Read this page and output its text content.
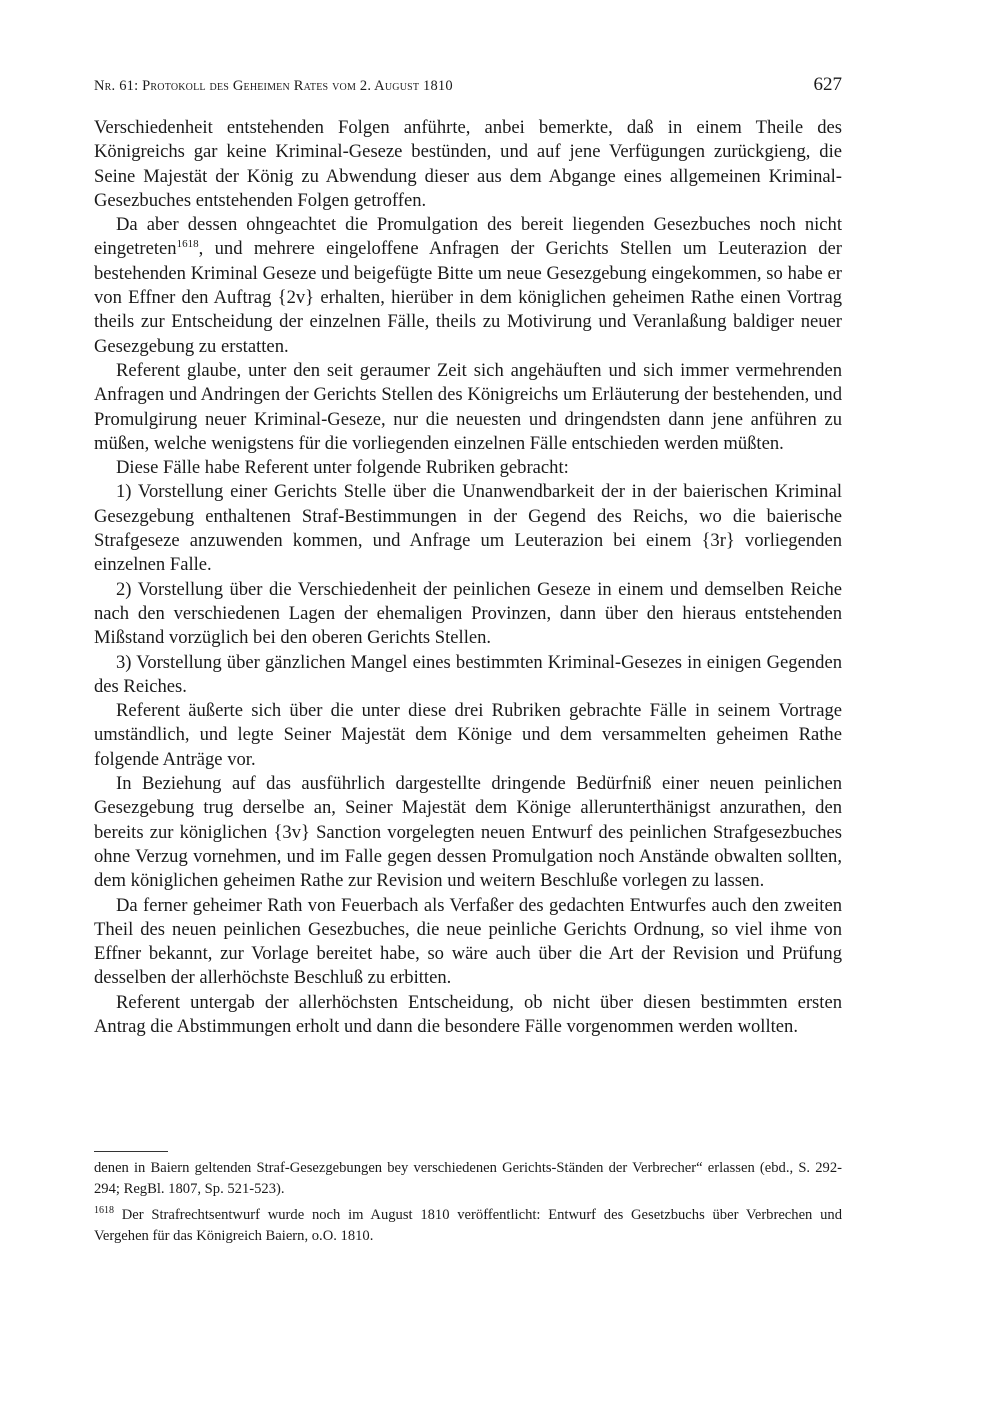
Nr. 61: Protokoll des Geheimen Rates vom 2. August 1810	627

Verschiedenheit entstehenden Folgen anführte, anbei bemerkte, daß in einem Theile des Königreichs gar keine Kriminal-Geseze bestünden, und auf jene Verfügungen zurückgieng, die Seine Majestät der König zu Abwendung dieser aus dem Abgange eines allgemeinen Kriminal-Gesezbuches entstehenden Folgen getroffen.

Da aber dessen ohngeachtet die Promulgation des bereit liegenden Gesezbuches noch nicht eingetreten$^{1618}$, und mehrere eingeloffene Anfragen der Gerichts Stellen um Leuterazion der bestehenden Kriminal Geseze und beigefügte Bitte um neue Gesezgebung eingekommen, so habe er von Effner den Auftrag {2v} erhalten, hierüber in dem königlichen geheimen Rathe einen Vortrag theils zur Entscheidung der einzelnen Fälle, theils zu Motivirung und Veranlaßung baldiger neuer Gesezgebung zu erstatten.

Referent glaube, unter den seit geraumer Zeit sich angehäuften und sich immer vermehrenden Anfragen und Andringen der Gerichts Stellen des Königreichs um Erläuterung der bestehenden, und Promulgirung neuer Kriminal-Geseze, nur die neuesten und dringendsten dann jene anführen zu müßen, welche wenigstens für die vorliegenden einzelnen Fälle entschieden werden müßten.

Diese Fälle habe Referent unter folgende Rubriken gebracht:

1) Vorstellung einer Gerichts Stelle über die Unanwendbarkeit der in der baierischen Kriminal Gesezgebung enthaltenen Straf-Bestimmungen in der Gegend des Reichs, wo die baierische Strafgeseze anzuwenden kommen, und Anfrage um Leuterazion bei einem {3r} vorliegenden einzelnen Falle.

2) Vorstellung über die Verschiedenheit der peinlichen Geseze in einem und demselben Reiche nach den verschiedenen Lagen der ehemaligen Provinzen, dann über den hieraus entstehenden Mißstand vorzüglich bei den oberen Gerichts Stellen.

3) Vorstellung über gänzlichen Mangel eines bestimmten Kriminal-Gesezes in einigen Gegenden des Reiches.

Referent äußerte sich über die unter diese drei Rubriken gebrachte Fälle in seinem Vortrage umständlich, und legte Seiner Majestät dem Könige und dem versammelten geheimen Rathe folgende Anträge vor.

In Beziehung auf das ausführlich dargestellte dringende Bedürfniß einer neuen peinlichen Gesezgebung trug derselbe an, Seiner Majestät dem Könige allerunterthänigst anzurathen, den bereits zur königlichen {3v} Sanction vorgelegten neuen Entwurf des peinlichen Strafgesezbuches ohne Verzug vornehmen, und im Falle gegen dessen Promulgation noch Anstände obwalten sollten, dem königlichen geheimen Rathe zur Revision und weitern Beschluße vorlegen zu lassen.

Da ferner geheimer Rath von Feuerbach als Verfaßer des gedachten Entwurfes auch den zweiten Theil des neuen peinlichen Gesezbuches, die neue peinliche Gerichts Ordnung, so viel ihme von Effner bekannt, zur Vorlage bereitet habe, so wäre auch über die Art der Revision und Prüfung desselben der allerhöchste Beschluß zu erbitten.

Referent untergab der allerhöchsten Entscheidung, ob nicht über diesen bestimmten ersten Antrag die Abstimmungen erholt und dann die besondere Fälle vorgenommen werden wollten.

denen in Baiern geltenden Straf-Gesezgebungen bey verschiedenen Gerichts-Ständen der Verbrecher“ erlassen (ebd., S. 292-294; RegBl. 1807, Sp. 521-523).

$^{1618}$ Der Strafrechtsentwurf wurde noch im August 1810 veröffentlicht: Entwurf des Gesetzbuchs über Verbrechen und Vergehen für das Königreich Baiern, o.O. 1810.
